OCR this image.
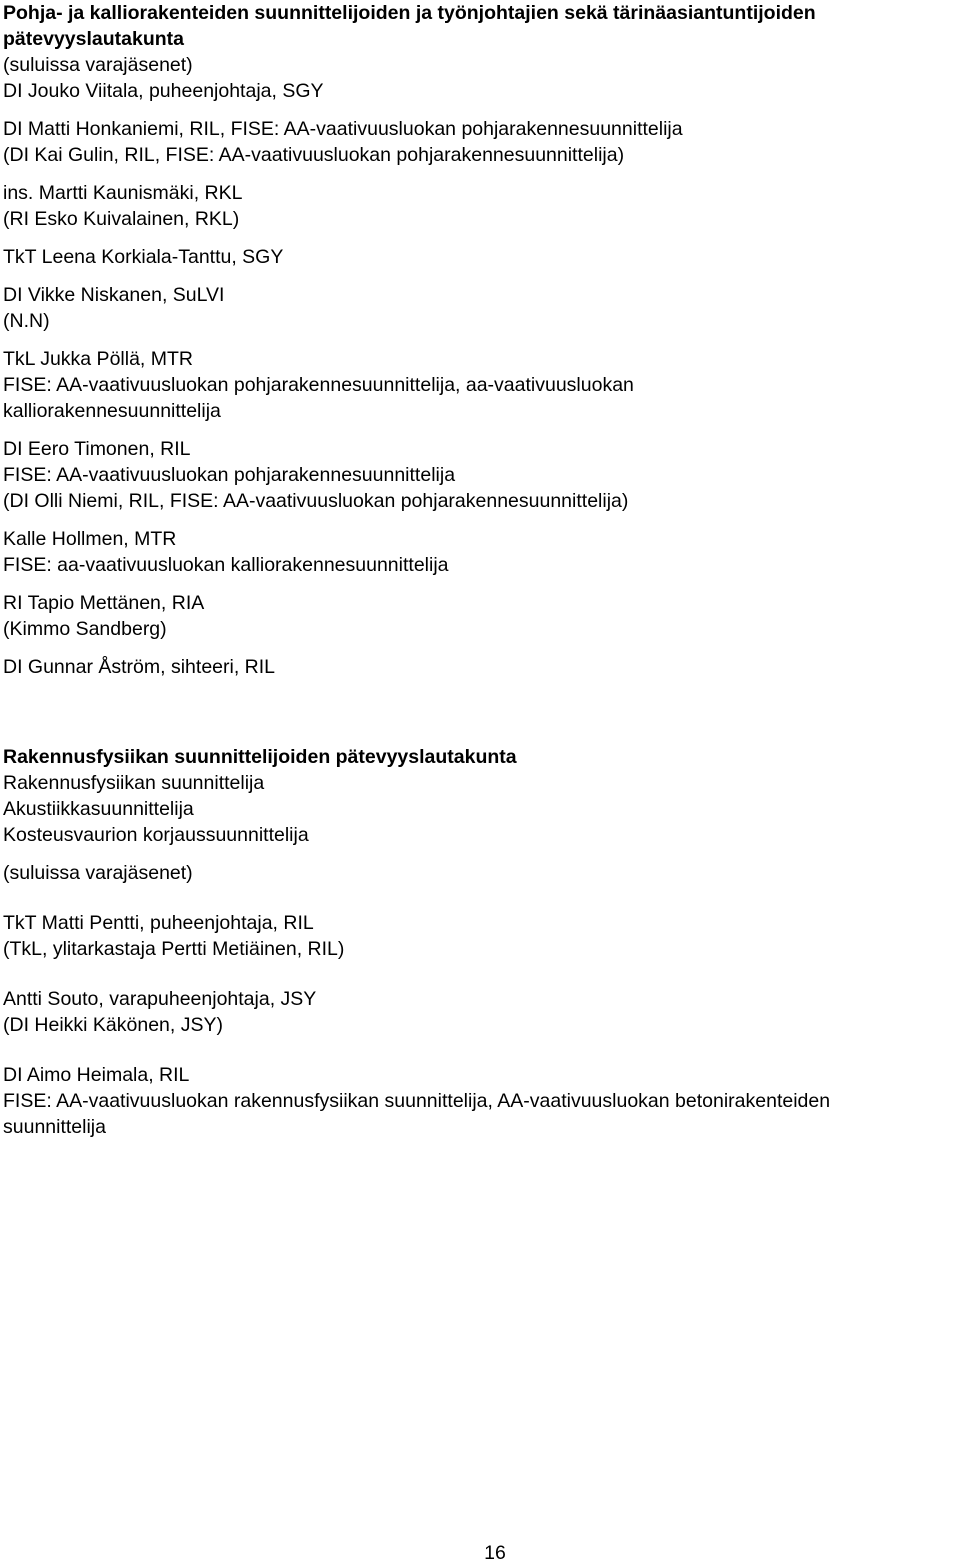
Pohja- ja kalliorakenteiden suunnittelijoiden ja työnjohtajien sekä tärinäasiantuntijoiden

pätevyyslautakunta

(suluissa varajäsenet)

DI Jouko Viitala, puheenjohtaja, SGY

DI Matti Honkaniemi, RIL, FISE: AA-vaativuusluokan pohjarakennesuunnittelija

(DI Kai Gulin, RIL, FISE: AA-vaativuusluokan pohjarakennesuunnittelija)

ins. Martti Kaunismäki, RKL

(RI Esko Kuivalainen, RKL)

TkT Leena Korkiala-Tanttu, SGY

DI Vikke Niskanen, SuLVI

(N.N)

TkL Jukka Pöllä, MTR

FISE: AA-vaativuusluokan pohjarakennesuunnittelija, aa-vaativuusluokan

kalliorakennesuunnittelija

DI Eero Timonen, RIL

FISE: AA-vaativuusluokan pohjarakennesuunnittelija

(DI Olli Niemi, RIL, FISE: AA-vaativuusluokan pohjarakennesuunnittelija)

Kalle Hollmen, MTR

FISE: aa-vaativuusluokan kalliorakennesuunnittelija

RI Tapio Mettänen, RIA

(Kimmo Sandberg)

DI Gunnar Åström, sihteeri, RIL

Rakennusfysiikan suunnittelijoiden pätevyyslautakunta

Rakennusfysiikan suunnittelija

Akustiikkasuunnittelija

Kosteusvaurion korjaussuunnittelija

(suluissa varajäsenet)

TkT Matti Pentti, puheenjohtaja, RIL

(TkL, ylitarkastaja Pertti Metiäinen, RIL)

Antti Souto, varapuheenjohtaja, JSY

(DI Heikki Käkönen, JSY)

DI Aimo Heimala, RIL

FISE: AA-vaativuusluokan rakennusfysiikan suunnittelija, AA-vaativuusluokan betonirakenteiden

suunnittelija

16
